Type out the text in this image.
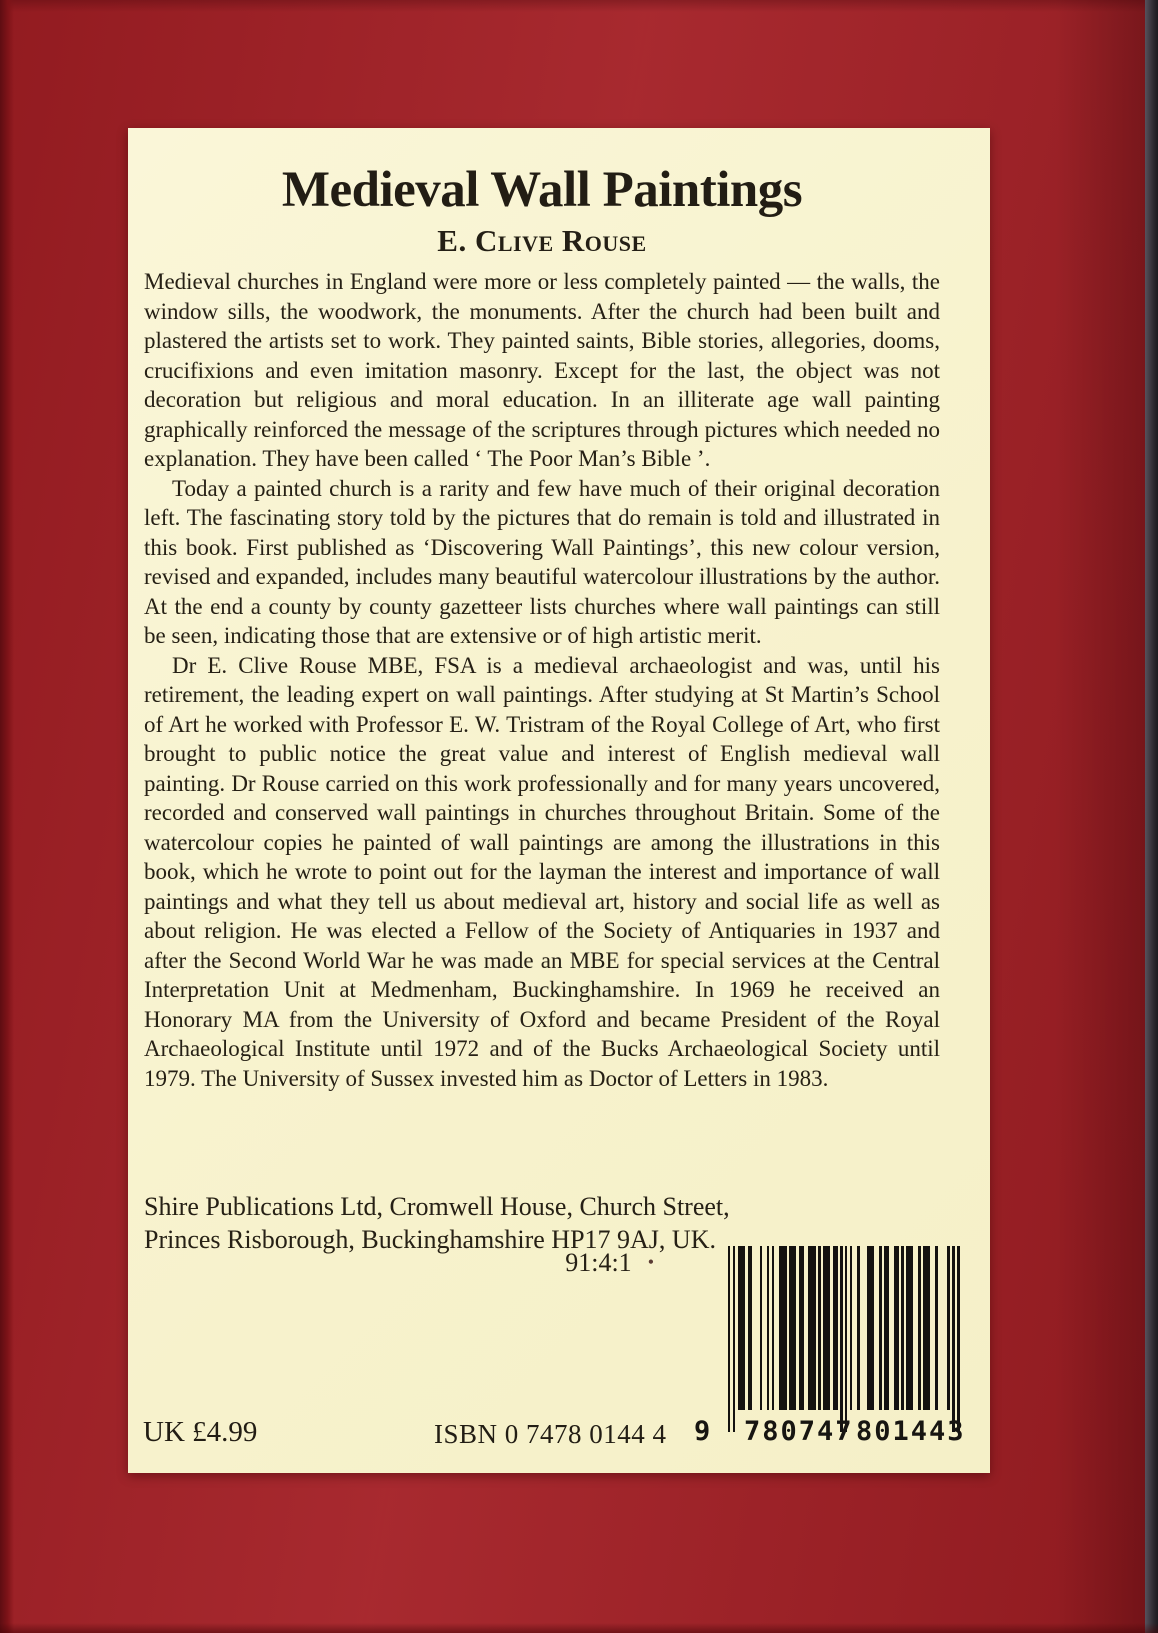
Medieval Wall Paintings
E. Clive Rouse

Medieval churches in England were more or less completely painted — the walls, the window sills, the woodwork, the monuments. After the church had been built and plastered the artists set to work. They painted saints, Bible stories, allegories, dooms, crucifixions and even imitation masonry. Except for the last, the object was not decoration but religious and moral education. In an illiterate age wall painting graphically reinforced the message of the scriptures through pictures which needed no explanation. They have been called ‘ The Poor Man’s Bible ’.

Today a painted church is a rarity and few have much of their original decoration left. The fascinating story told by the pictures that do remain is told and illustrated in this book. First published as ‘Discovering Wall Paintings’, this new colour version, revised and expanded, includes many beautiful watercolour illustrations by the author. At the end a county by county gazetteer lists churches where wall paintings can still be seen, indicating those that are extensive or of high artistic merit.

Dr E. Clive Rouse MBE, FSA is a medieval archaeologist and was, until his retirement, the leading expert on wall paintings. After studying at St Martin’s School of Art he worked with Professor E. W. Tristram of the Royal College of Art, who first brought to public notice the great value and interest of English medieval wall painting. Dr Rouse carried on this work professionally and for many years uncovered, recorded and conserved wall paintings in churches throughout Britain. Some of the watercolour copies he painted of wall paintings are among the illustrations in this book, which he wrote to point out for the layman the interest and importance of wall paintings and what they tell us about medieval art, history and social life as well as about religion. He was elected a Fellow of the Society of Antiquaries in 1937 and after the Second World War he was made an MBE for special services at the Central Interpretation Unit at Medmenham, Buckinghamshire. In 1969 he received an Honorary MA from the University of Oxford and became President of the Royal Archaeological Institute until 1972 and of the Bucks Archaeological Society until 1979. The University of Sussex invested him as Doctor of Letters in 1983.

Shire Publications Ltd, Cromwell House, Church Street,
Princes Risborough, Buckinghamshire HP17 9AJ, UK.
91:4:1 •
9 780747 801443
UK £4.99	ISBN 0 7478 0144 4
